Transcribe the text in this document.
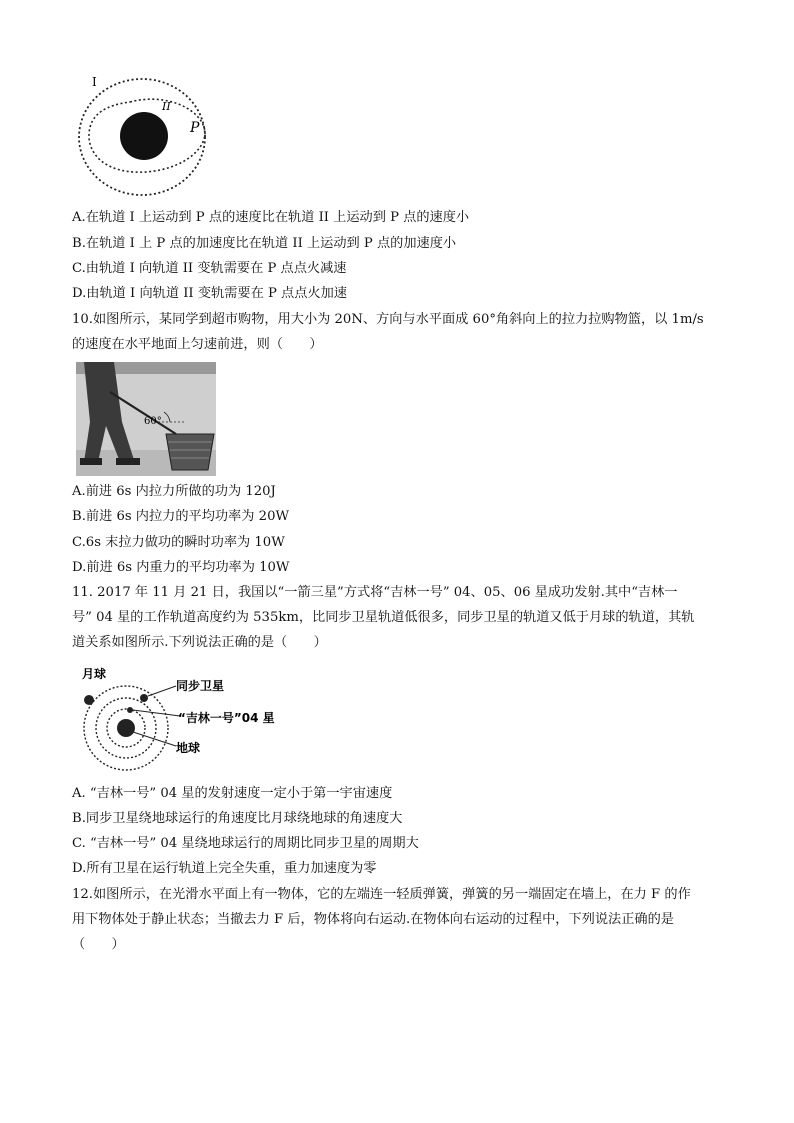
I
II
P
A.在轨道 I 上运动到 P 点的速度比在轨道 II 上运动到 P 点的速度小
B.在轨道 I 上 P 点的加速度比在轨道 II 上运动到 P 点的加速度小
C.由轨道 I 向轨道 II 变轨需要在 P 点点火减速
D.由轨道 I 向轨道 II 变轨需要在 P 点点火加速
10.如图所示，某同学到超市购物，用大小为 20N、方向与水平面成 60°角斜向上的拉力拉购物篮，以 1m/s
的速度在水平地面上匀速前进，则（　　）
60°
A.前进 6s 内拉力所做的功为 120J
B.前进 6s 内拉力的平均功率为 20W
C.6s 末拉力做功的瞬时功率为 10W
D.前进 6s 内重力的平均功率为 10W
11. 2017 年 11 月 21 日，我国以“一箭三星”方式将“吉林一号” 04、05、06 星成功发射.其中“吉林一
号” 04 星的工作轨道高度约为 535km，比同步卫星轨道低很多，同步卫星的轨道又低于月球的轨道，其轨
道关系如图所示.下列说法正确的是（　　）
月球
同步卫星
“吉林一号”04 星
地球
A. “吉林一号” 04 星的发射速度一定小于第一宇宙速度
B.同步卫星绕地球运行的角速度比月球绕地球的角速度大
C. “吉林一号” 04 星绕地球运行的周期比同步卫星的周期大
D.所有卫星在运行轨道上完全失重，重力加速度为零
12.如图所示，在光滑水平面上有一物体，它的左端连一轻质弹簧，弹簧的另一端固定在墙上，在力 F 的作
用下物体处于静止状态；当撤去力 F 后，物体将向右运动.在物体向右运动的过程中，下列说法正确的是
（　　）
